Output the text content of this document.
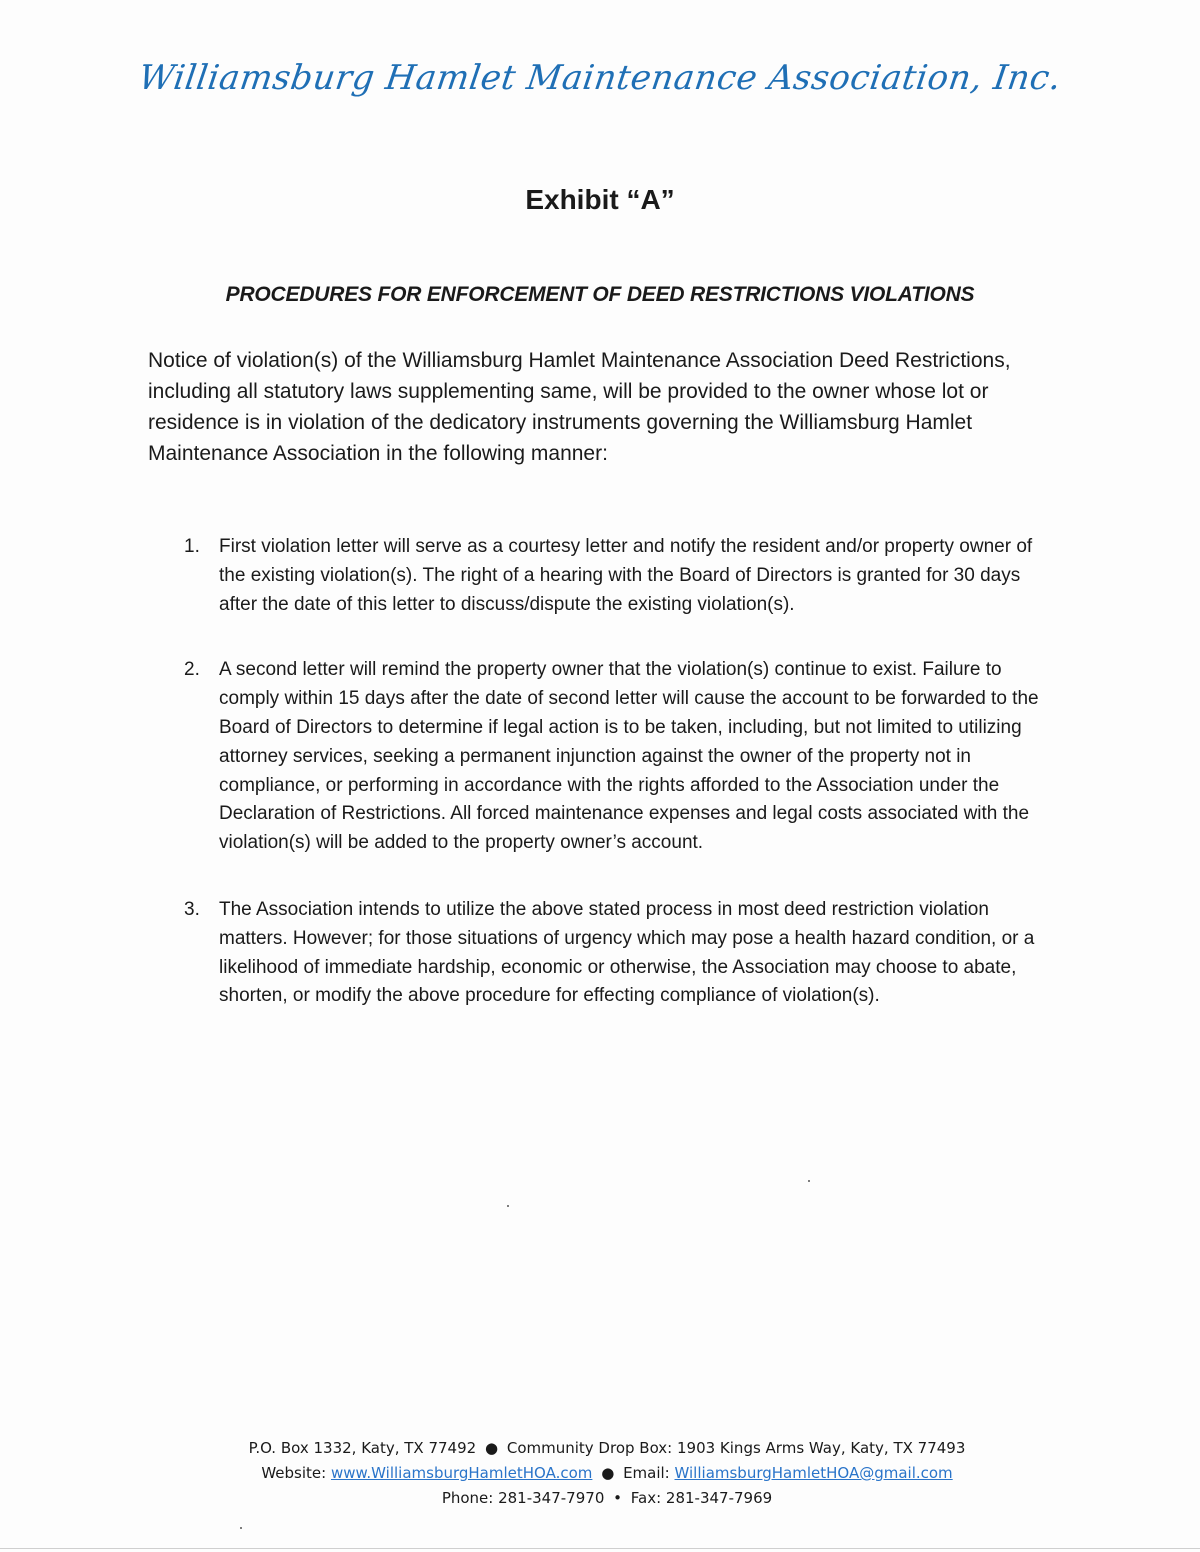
Williamsburg Hamlet Maintenance Association, Inc.
Exhibit “A”
PROCEDURES FOR ENFORCEMENT OF DEED RESTRICTIONS VIOLATIONS

Notice of violation(s) of the Williamsburg Hamlet Maintenance Association Deed Restrictions, including all statutory laws supplementing same, will be provided to the owner whose lot or residence is in violation of the dedicatory instruments governing the Williamsburg Hamlet Maintenance Association in the following manner:

1. First violation letter will serve as a courtesy letter and notify the resident and/or property owner of the existing violation(s). The right of a hearing with the Board of Directors is granted for 30 days after the date of this letter to discuss/dispute the existing violation(s).
2. A second letter will remind the property owner that the violation(s) continue to exist. Failure to comply within 15 days after the date of second letter will cause the account to be forwarded to the Board of Directors to determine if legal action is to be taken, including, but not limited to utilizing attorney services, seeking a permanent injunction against the owner of the property not in compliance, or performing in accordance with the rights afforded to the Association under the Declaration of Restrictions. All forced maintenance expenses and legal costs associated with the violation(s) will be added to the property owner’s account.
3. The Association intends to utilize the above stated process in most deed restriction violation matters. However; for those situations of urgency which may pose a health hazard condition, or a likelihood of immediate hardship, economic or otherwise, the Association may choose to abate, shorten, or modify the above procedure for effecting compliance of violation(s).
P.O. Box 1332, Katy, TX 77492 ● Community Drop Box: 1903 Kings Arms Way, Katy, TX 77493
Website: www.WilliamsburgHamletHOA.com ● Email: WilliamsburgHamletHOA@gmail.com
Phone: 281-347-7970 • Fax: 281-347-7969
